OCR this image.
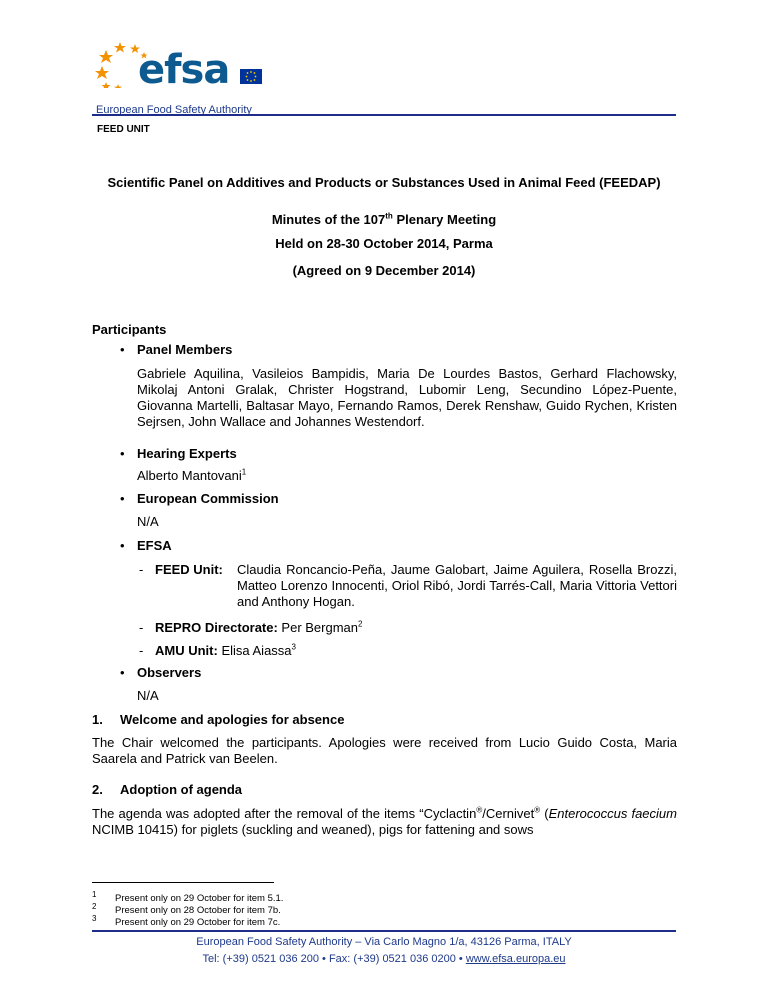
efsa
European Food Safety Authority
FEED UNIT
Scientific Panel on Additives and Products or Substances Used in Animal Feed (FEEDAP)
Minutes of the 107th Plenary Meeting
Held on 28-30 October 2014, Parma
(Agreed on 9 December 2014)
Participants
• Panel Members
Gabriele Aquilina, Vasileios Bampidis, Maria De Lourdes Bastos, Gerhard Flachowsky, Mikolaj Antoni Gralak, Christer Hogstrand, Lubomir Leng, Secundino López-Puente, Giovanna Martelli, Baltasar Mayo, Fernando Ramos, Derek Renshaw, Guido Rychen, Kristen Sejrsen, John Wallace and Johannes Westendorf.
• Hearing Experts
Alberto Mantovani$^1$
• European Commission
N/A
• EFSA
- FEED Unit: Claudia Roncancio-Peña, Jaume Galobart, Jaime Aguilera, Rosella Brozzi, Matteo Lorenzo Innocenti, Oriol Ribó, Jordi Tarrés-Call, Maria Vittoria Vettori and Anthony Hogan.
- REPRO Directorate: Per Bergman$^2$
- AMU Unit: Elisa Aiassa$^3$
• Observers
N/A
1. Welcome and apologies for absence
The Chair welcomed the participants. Apologies were received from Lucio Guido Costa, Maria Saarela and Patrick van Beelen.
2. Adoption of agenda
The agenda was adopted after the removal of the items “Cyclactin®/Cernivet® (Enterococcus faecium NCIMB 10415) for piglets (suckling and weaned), pigs for fattening and sows
1 Present only on 29 October for item 5.1.
2 Present only on 28 October for item 7b.
3 Present only on 29 October for item 7c.
European Food Safety Authority – Via Carlo Magno 1/a, 43126 Parma, ITALY
Tel: (+39) 0521 036 200 • Fax: (+39) 0521 036 0200 • www.efsa.europa.eu
